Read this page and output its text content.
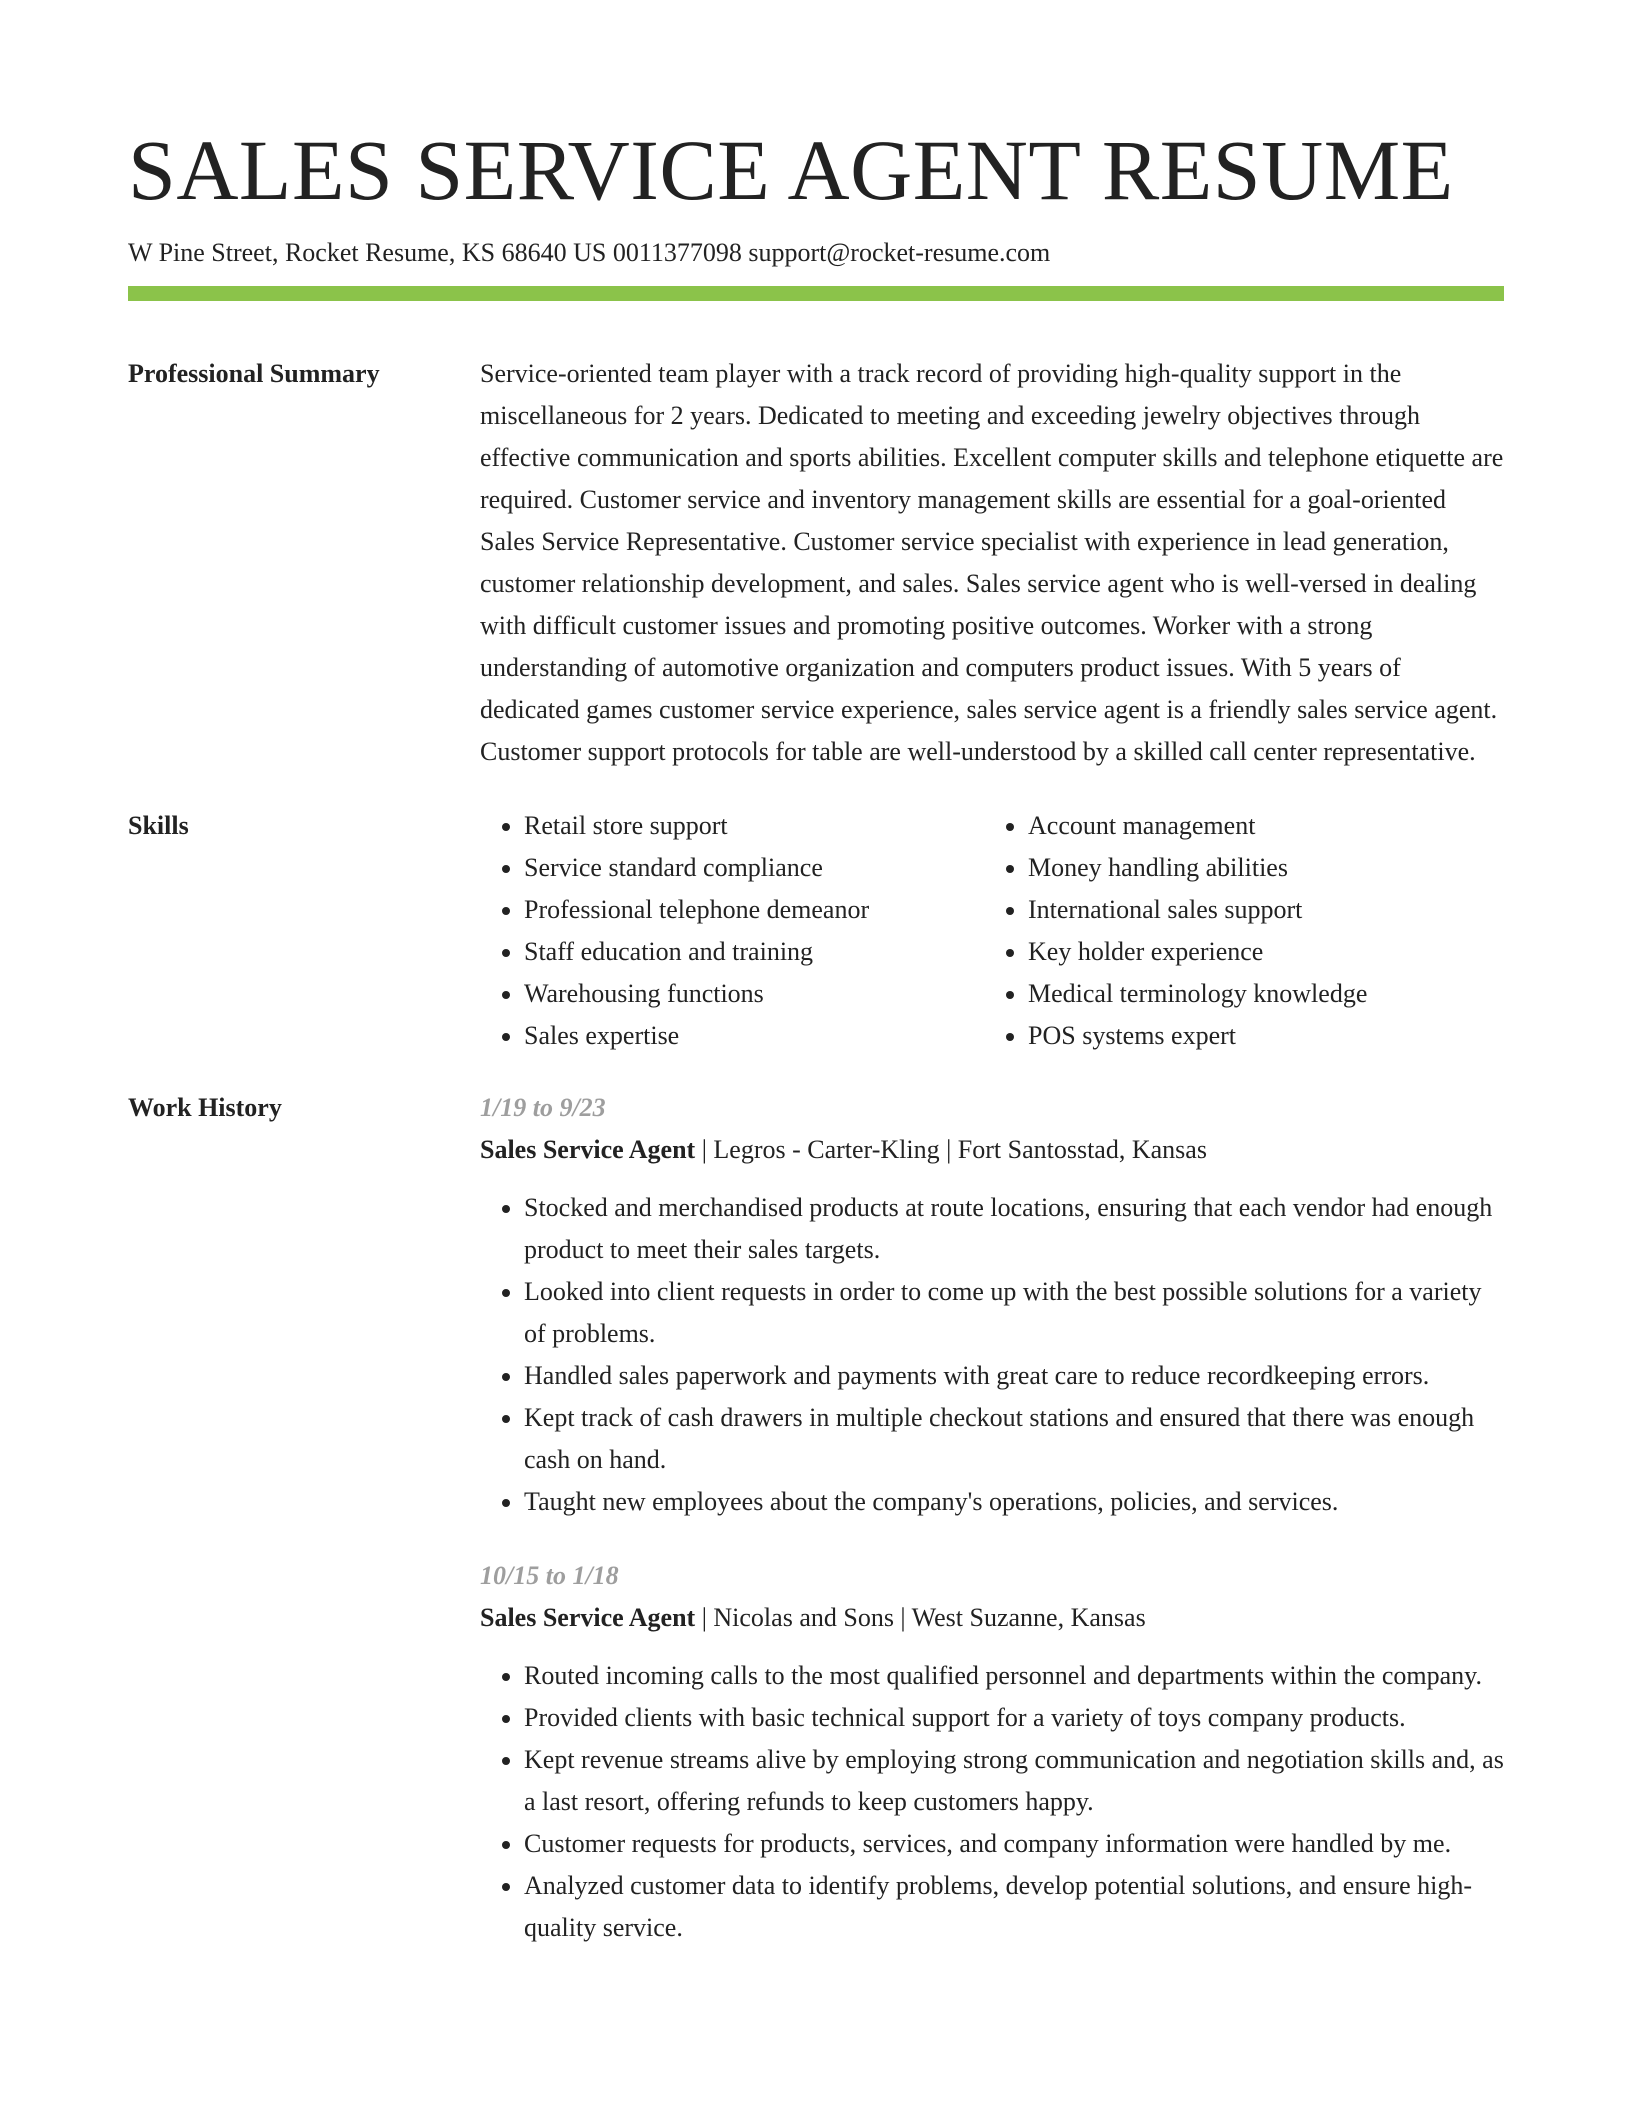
SALES SERVICE AGENT RESUME
W Pine Street, Rocket Resume, KS 68640 US 0011377098 support@rocket-resume.com
Professional Summary	Service-oriented team player with a track record of providing high-quality support in the miscellaneous for 2 years. Dedicated to meeting and exceeding jewelry objectives through effective communication and sports abilities. Excellent computer skills and telephone etiquette are required. Customer service and inventory management skills are essential for a goal-oriented Sales Service Representative. Customer service specialist with experience in lead generation, customer relationship development, and sales. Sales service agent who is well-versed in dealing with difficult customer issues and promoting positive outcomes. Worker with a strong understanding of automotive organization and computers product issues. With 5 years of dedicated games customer service experience, sales service agent is a friendly sales service agent. Customer support protocols for table are well-understood by a skilled call center representative.

Skills
•	Retail store support
• Service standard compliance
• Professional telephone demeanor
• Staff education and training
• Warehousing functions
• Sales expertise
• Account management
• Money handling abilities
• International sales support
• Key holder experience
• Medical terminology knowledge
• POS systems expert
Work History	1/19 to 9/23
Sales Service Agent | Legros - Carter-Kling | Fort Santosstad, Kansas
• Stocked and merchandised products at route locations, ensuring that each vendor had enough product to meet their sales targets.
• Looked into client requests in order to come up with the best possible solutions for a variety of problems.
• Handled sales paperwork and payments with great care to reduce recordkeeping errors.
• Kept track of cash drawers in multiple checkout stations and ensured that there was enough cash on hand.
• Taught new employees about the company's operations, policies, and services.
10/15 to 1/18
Sales Service Agent | Nicolas and Sons | West Suzanne, Kansas
• Routed incoming calls to the most qualified personnel and departments within the company.
• Provided clients with basic technical support for a variety of toys company products.
• Kept revenue streams alive by employing strong communication and negotiation skills and, as a last resort, offering refunds to keep customers happy.
• Customer requests for products, services, and company information were handled by me.
• Analyzed customer data to identify problems, develop potential solutions, and ensure high-quality service.
